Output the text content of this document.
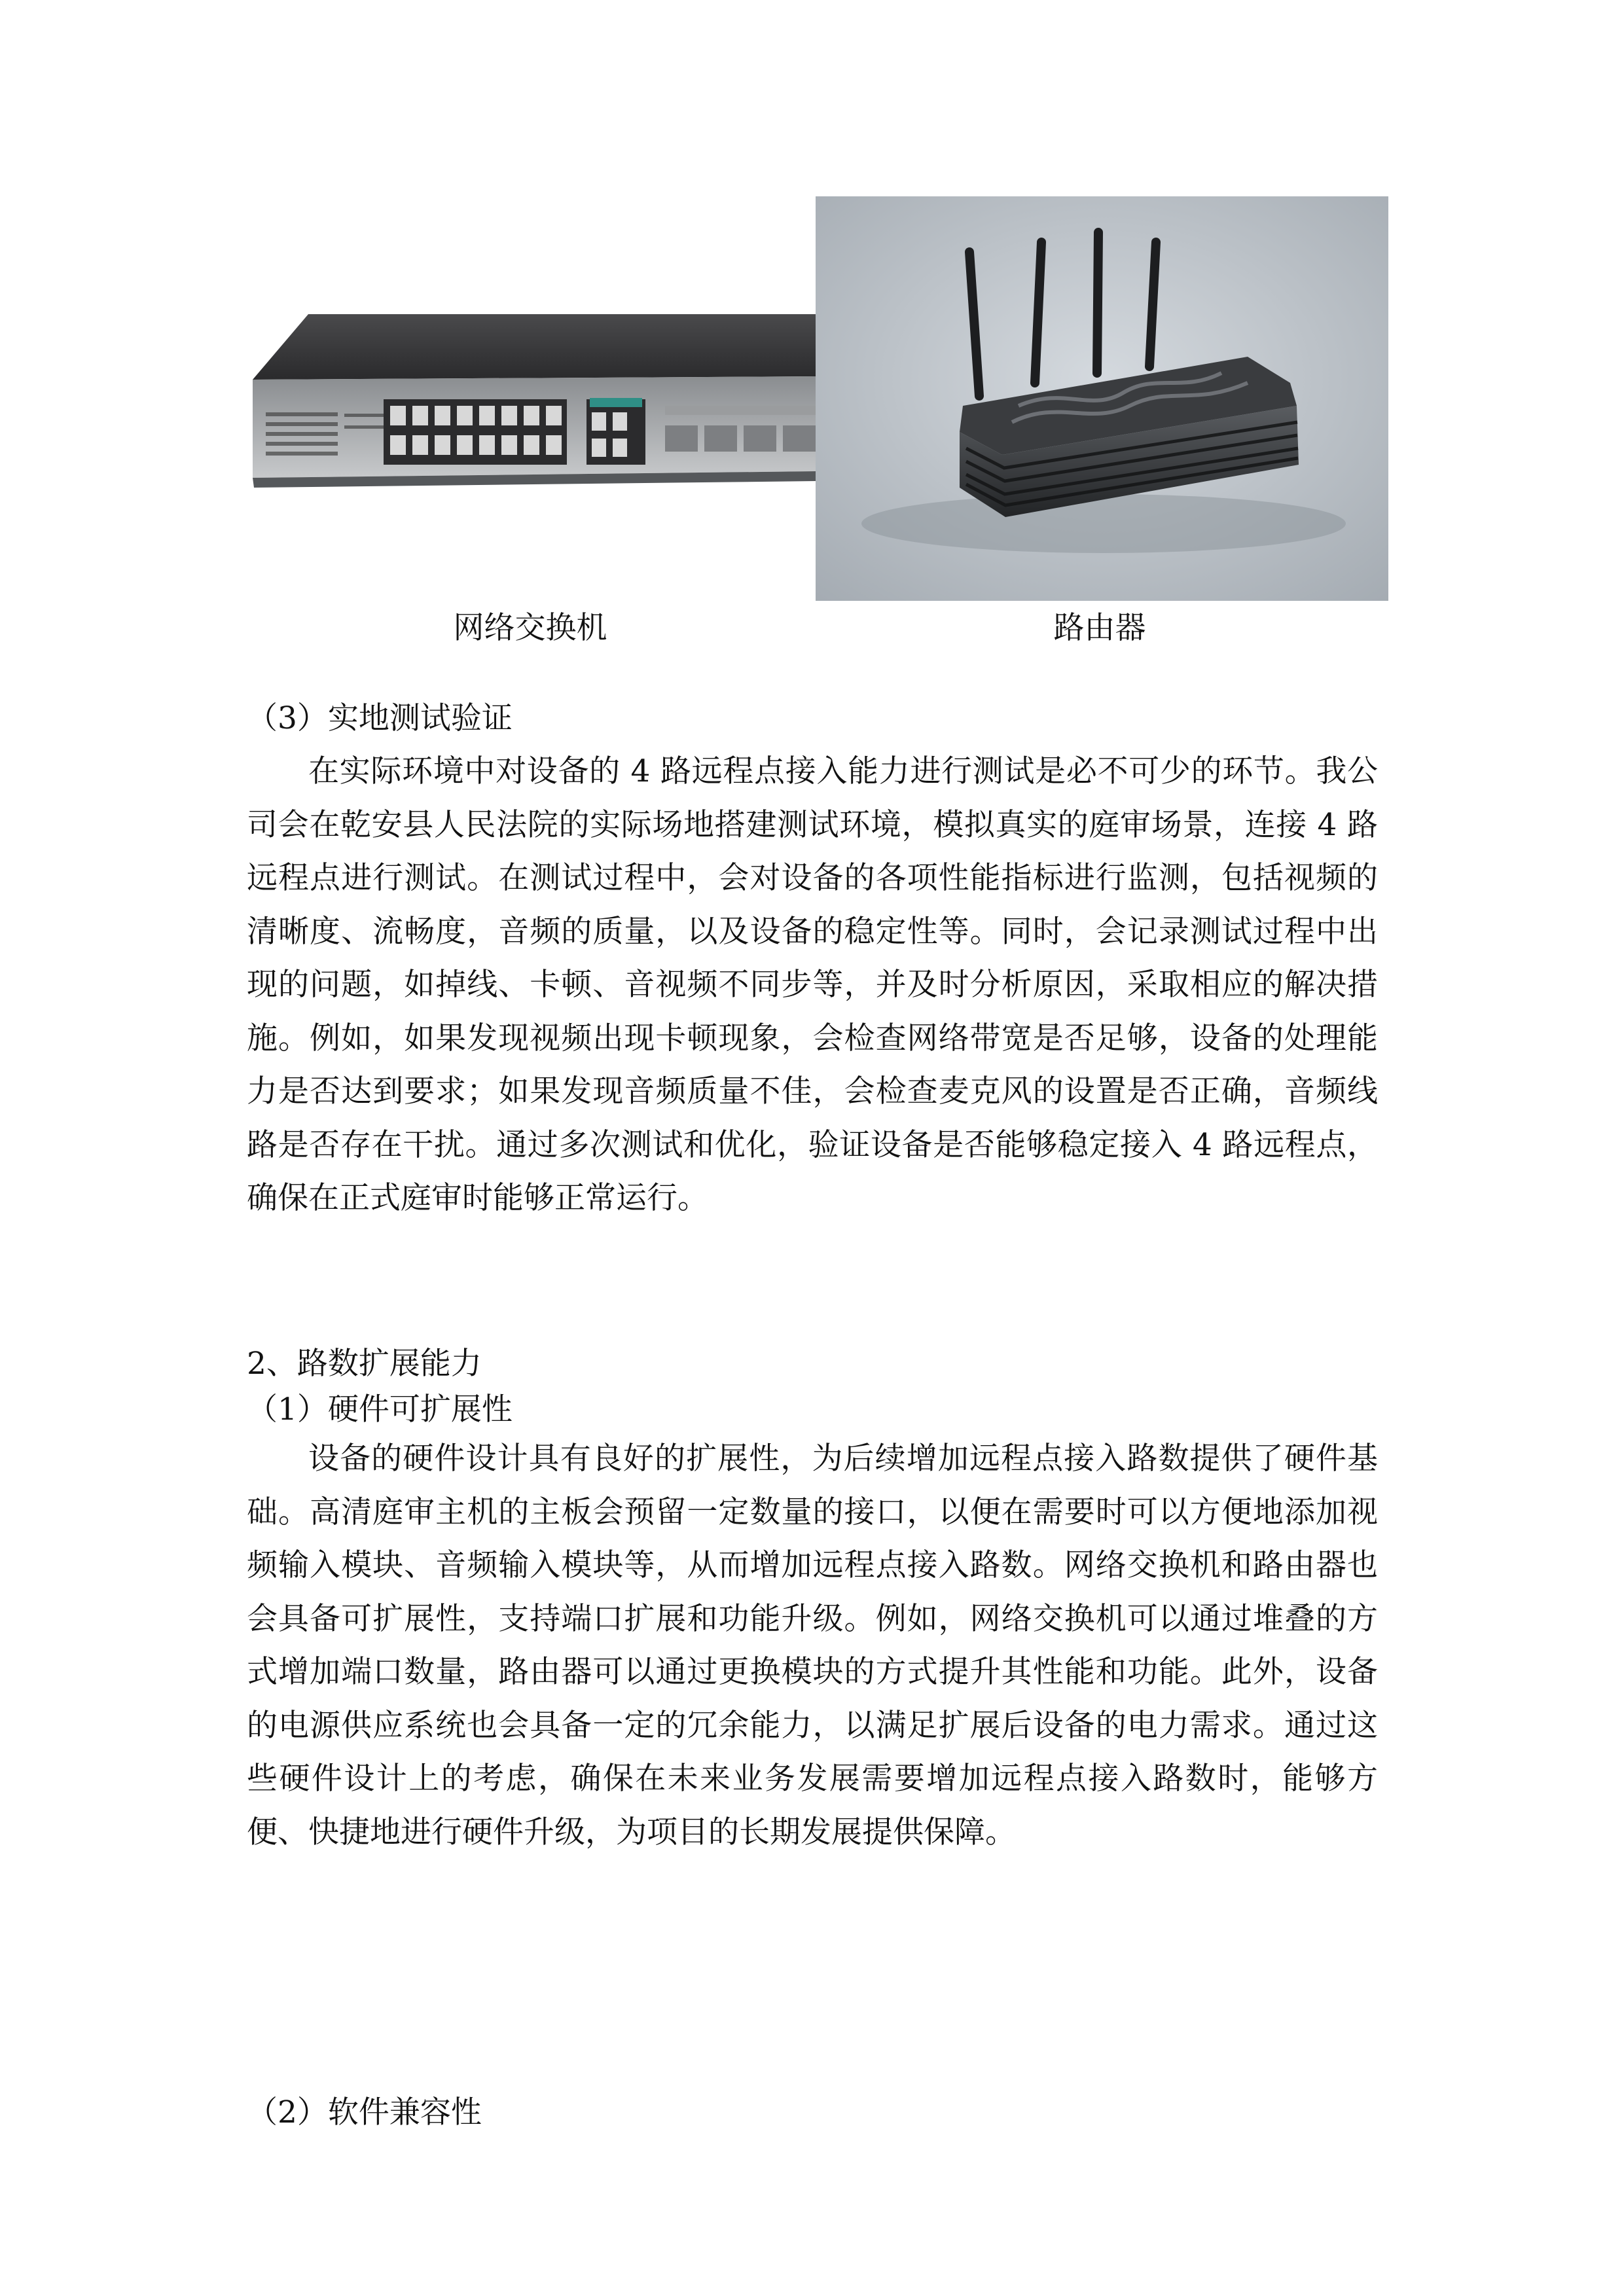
网络交换机	路由器
（3）实地测试验证

在实际环境中对设备的 4 路远程点接入能力进行测试是必不可少的环节。我公司会在乾安县人民法院的实际场地搭建测试环境，模拟真实的庭审场景，连接 4 路远程点进行测试。在测试过程中，会对设备的各项性能指标进行监测，包括视频的清晰度、流畅度，音频的质量，以及设备的稳定性等。同时，会记录测试过程中出现的问题，如掉线、卡顿、音视频不同步等，并及时分析原因，采取相应的解决措施。例如，如果发现视频出现卡顿现象，会检查网络带宽是否足够，设备的处理能力是否达到要求；如果发现音频质量不佳，会检查麦克风的设置是否正确，音频线路是否存在干扰。通过多次测试和优化，验证设备是否能够稳定接入 4 路远程点，确保在正式庭审时能够正常运行。

2、路数扩展能力
（1）硬件可扩展性

设备的硬件设计具有良好的扩展性，为后续增加远程点接入路数提供了硬件基础。高清庭审主机的主板会预留一定数量的接口，以便在需要时可以方便地添加视频输入模块、音频输入模块等，从而增加远程点接入路数。网络交换机和路由器也会具备可扩展性，支持端口扩展和功能升级。例如，网络交换机可以通过堆叠的方式增加端口数量，路由器可以通过更换模块的方式提升其性能和功能。此外，设备的电源供应系统也会具备一定的冗余能力，以满足扩展后设备的电力需求。通过这些硬件设计上的考虑，确保在未来业务发展需要增加远程点接入路数时，能够方便、快捷地进行硬件升级，为项目的长期发展提供保障。

（2）软件兼容性
